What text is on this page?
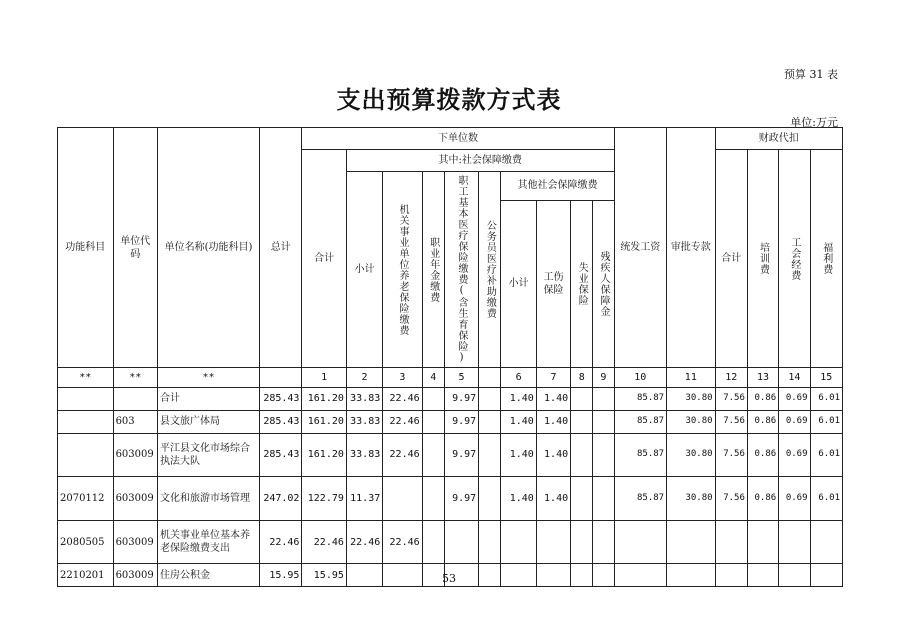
预算 31 表
支出预算拨款方式表
单位:万元
功能科目	单位代码	单位名称(功能科目)	总计	下单位数										统发工资	审批专款	财政代扣			
				合计	其中:社会保障缴费											合计	培训费	工会经费	福利费
					小计	机关事业单位养老保险缴费	职业年金缴费	职工基本医疗保险缴费(含生育保险)	公务员医疗补助缴费	其他社会保障缴费									
										小计	工伤保险	失业保险	残疾人保障金						
**	**	**		1	2	3	4	5		6	7	8	9	10	11	12	13	14	15
		合计	285.43	161.20	33.83	22.46		9.97		1.40	1.40			85.87	30.80	7.56	0.86	0.69	6.01
	603	县文旅广体局	285.43	161.20	33.83	22.46		9.97		1.40	1.40			85.87	30.80	7.56	0.86	0.69	6.01
	603009	平江县文化市场综合执法大队	285.43	161.20	33.83	22.46		9.97		1.40	1.40			85.87	30.80	7.56	0.86	0.69	6.01
2070112	603009	文化和旅游市场管理	247.02	122.79	11.37			9.97		1.40	1.40			85.87	30.80	7.56	0.86	0.69	6.01
2080505	603009	机关事业单位基本养老保险缴费支出	22.46	22.46	22.46	22.46													
2210201	603009	住房公积金	15.95	15.95																53
